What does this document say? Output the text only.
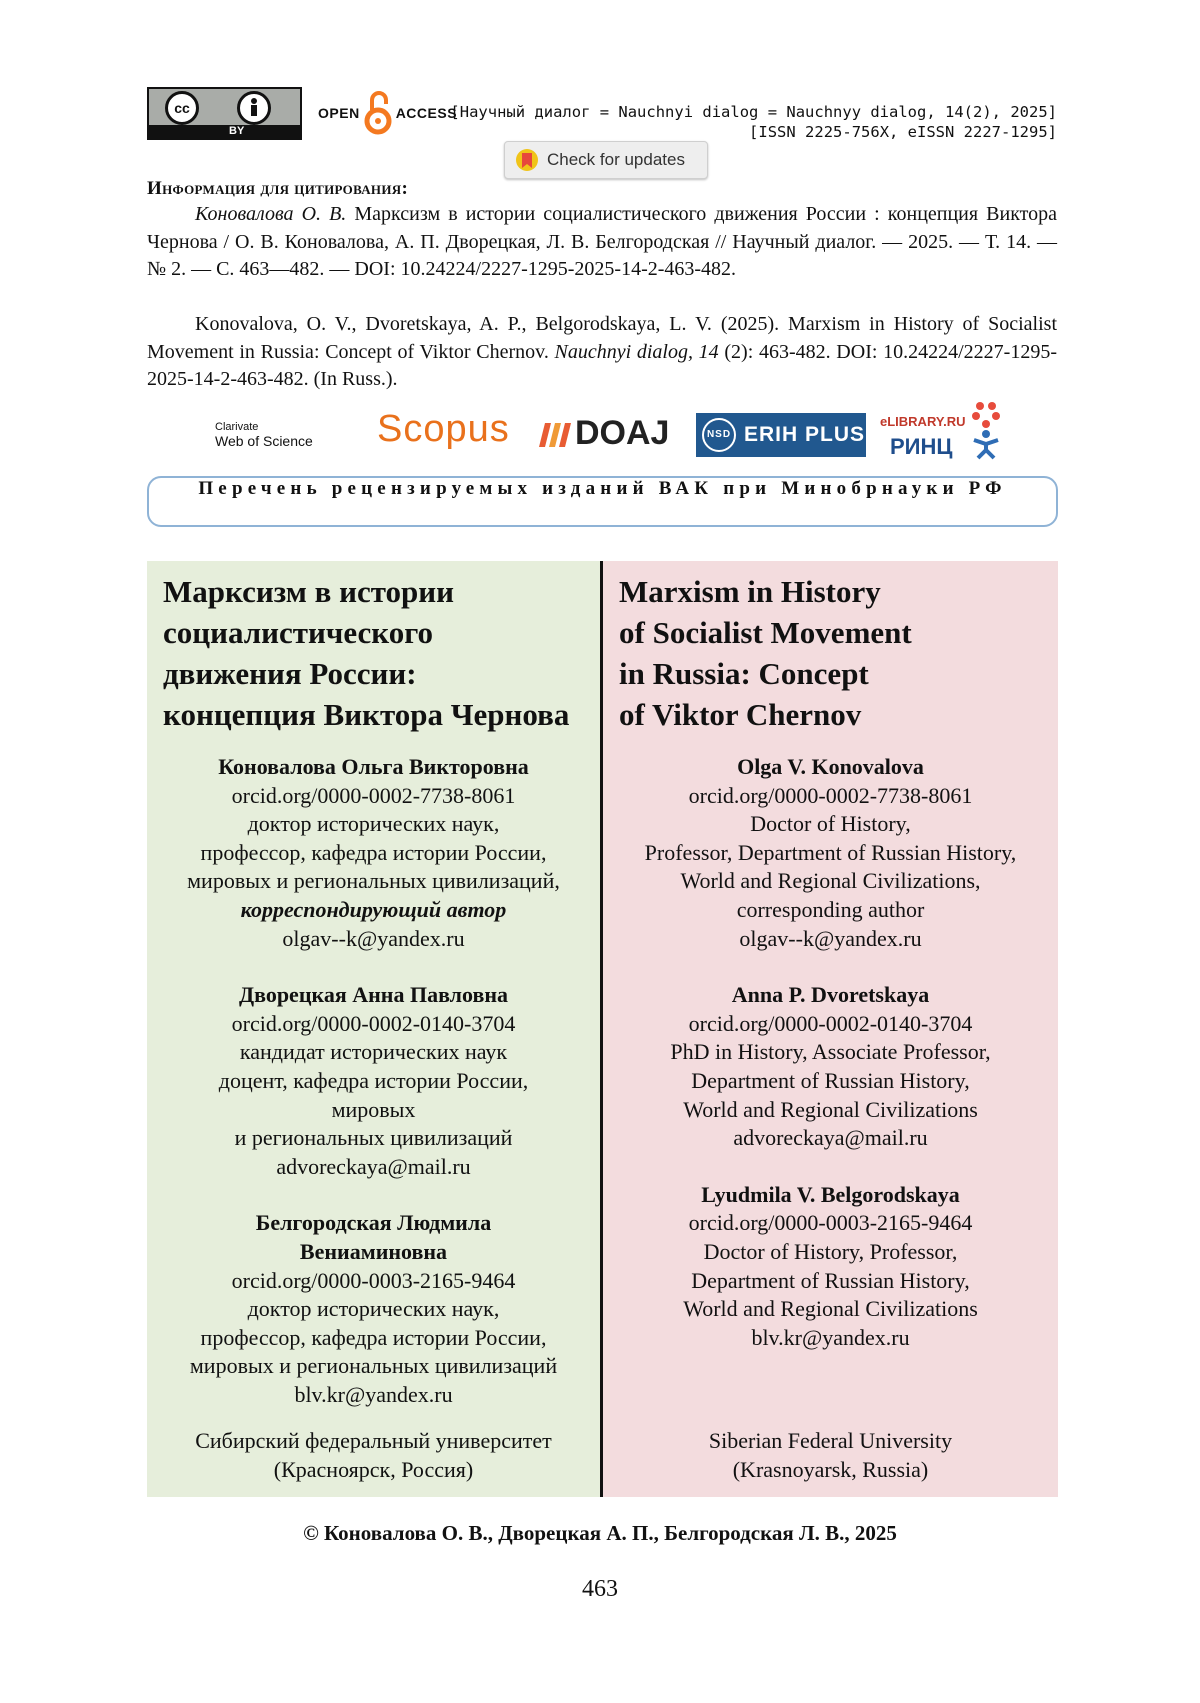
cc
BY
OPEN	ACCESS
[Научный диалог = Nauchnyi dialog = Nauchnyy dialog, 14(2), 2025]
[ISSN 2225-756X, eISSN 2227-1295]
Check for updates
Информация для цитирования:
Коновалова О. В. Марксизм в истории социалистического движения России : концепция Виктора Чернова / О. В. Коновалова, А. П. Дворецкая, Л. В. Белгородская // Научный диалог. — 2025. — Т. 14. — № 2. — С. 463—482. — DOI: 10.24224/2227-1295-2025-14-2-463-482.
Konovalova, O. V., Dvoretskaya, A. P., Belgorodskaya, L. V. (2025). Marxism in History of Socialist Movement in Russia: Concept of Viktor Chernov. Nauchnyi dialog, 14 (2): 463-482. DOI: 10.24224/2227-1295-2025-14-2-463-482. (In Russ.).
Clarivate
Web of Science Scopus DOAJ	NSD ERIH PLUS
eLIBRARY.RU
РИНЦ
Перечень рецензируемых изданий ВАК при Минобрнауки РФ
Марксизм в истории
социалистического
движения России:
концепция Виктора Чернова
Коновалова Ольга Викторовна
orcid.org/0000-0002-7738-8061
доктор исторических наук,
профессор, кафедра истории России,
мировых и региональных цивилизаций,
корреспондирующий автор
olgav--k@yandex.ru
Дворецкая Анна Павловна
orcid.org/0000-0002-0140-3704
кандидат исторических наук
доцент, кафедра истории России,
мировых
и региональных цивилизаций
advoreckaya@mail.ru
Белгородская Людмила
Вениаминовна
orcid.org/0000-0003-2165-9464
доктор исторических наук,
профессор, кафедра истории России,
мировых и региональных цивилизаций
blv.kr@yandex.ru
Сибирский федеральный университет
(Красноярск, Россия)
Marxism in History
of Socialist Movement
in Russia: Concept
of Viktor Chernov
Olga V. Konovalova
orcid.org/0000-0002-7738-8061
Doctor of History,
Professor, Department of Russian History,
World and Regional Civilizations,
corresponding author
olgav--k@yandex.ru
Anna P. Dvoretskaya
orcid.org/0000-0002-0140-3704
PhD in History, Associate Professor,
Department of Russian History,
World and Regional Civilizations
advoreckaya@mail.ru
Lyudmila V. Belgorodskaya
orcid.org/0000-0003-2165-9464
Doctor of History, Professor,
Department of Russian History,
World and Regional Civilizations
blv.kr@yandex.ru
Siberian Federal University
(Krasnoyarsk, Russia)
© Коновалова О. В., Дворецкая А. П., Белгородская Л. В., 2025
463
